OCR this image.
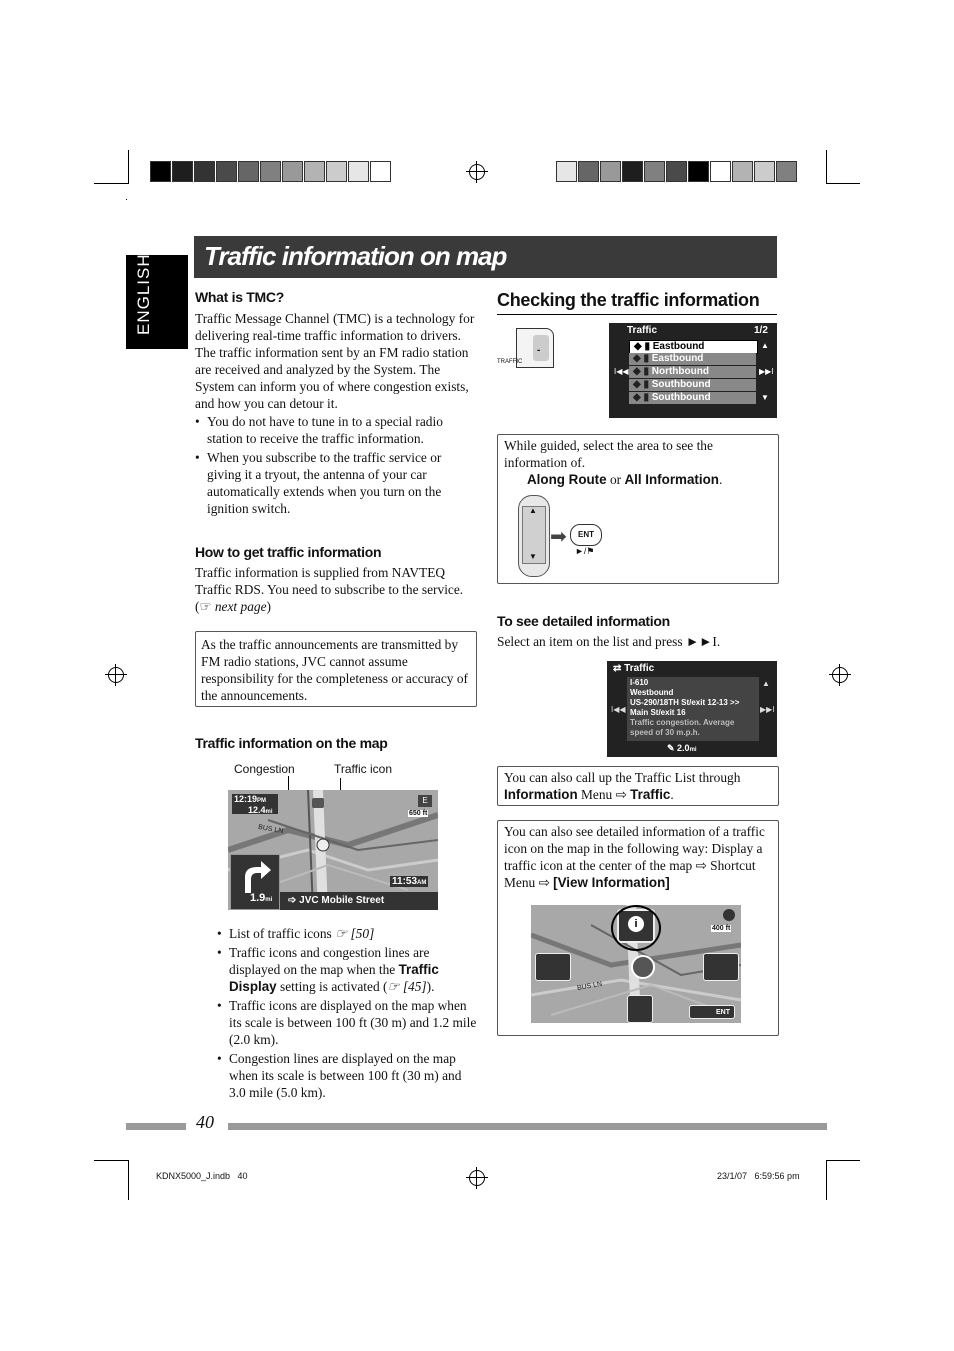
ENGLISH Traffic information on map
What is TMC?
Traffic Message Channel (TMC) is a technology for delivering real-time traffic information to drivers. The traffic information sent by an FM radio station are received and analyzed by the System. The System can inform you of where congestion exists, and how you can detour it.
• You do not have to tune in to a special radio station to receive the traffic information.
• When you subscribe to the traffic service or giving it a tryout, the antenna of your car automatically extends when you turn on the ignition switch.
How to get traffic information
Traffic information is supplied from NAVTEQ Traffic RDS. You need to subscribe to the service. (☞ next page)
As the traffic announcements are transmitted by FM radio stations, JVC cannot assume responsibility for the completeness or accuracy of the announcements.
Traffic information on the map
Congestion	Traffic icon
12:19PM
12.4mi
E
650 ft
BUS LN
1.9mi
11:53AM
➩ JVC Mobile Street
• List of traffic icons ☞ [50]
• Traffic icons and congestion lines are displayed on the map when the Traffic Display setting is activated (☞ [45]).
• Traffic icons are displayed on the map when its scale is between 100 ft (30 m) and 1.2 mile (2.0 km).
• Congestion lines are displayed on the map when its scale is between 100 ft (30 m) and 3.0 mile (5.0 km).
Checking the traffic information
-
TRAFFIC
Traffic	1/2
◆ ▮ Eastbound
◆ ▮ Eastbound
◆ ▮ Northbound
◆ ▮ Southbound
◆ ▮ Southbound
▲
▼
I◀◀	▶▶I
While guided, select the area to see the information of.
Along Route or All Information.
▲
▼
➡	ENT
►/⚑
To see detailed information
Select an item on the list and press ►►I.
⇄ Traffic
I-610
Westbound
US-290/18TH St/exit 12-13 >>
Main St/exit 16
Traffic congestion. Average
speed of 30 m.p.h.
I◀◀	▶▶I
▲
✎ 2.0mi
You can also call up the Traffic List through Information Menu ⇨ Traffic.
You can also see detailed information of a traffic icon on the map in the following way: Display a traffic icon at the center of the map ⇨ Shortcut Menu ⇨ [View Information]
i	400 ft
BUS LN
ENT
40
KDNX5000_J.indb   40	23/1/07   6:59:56 pm
